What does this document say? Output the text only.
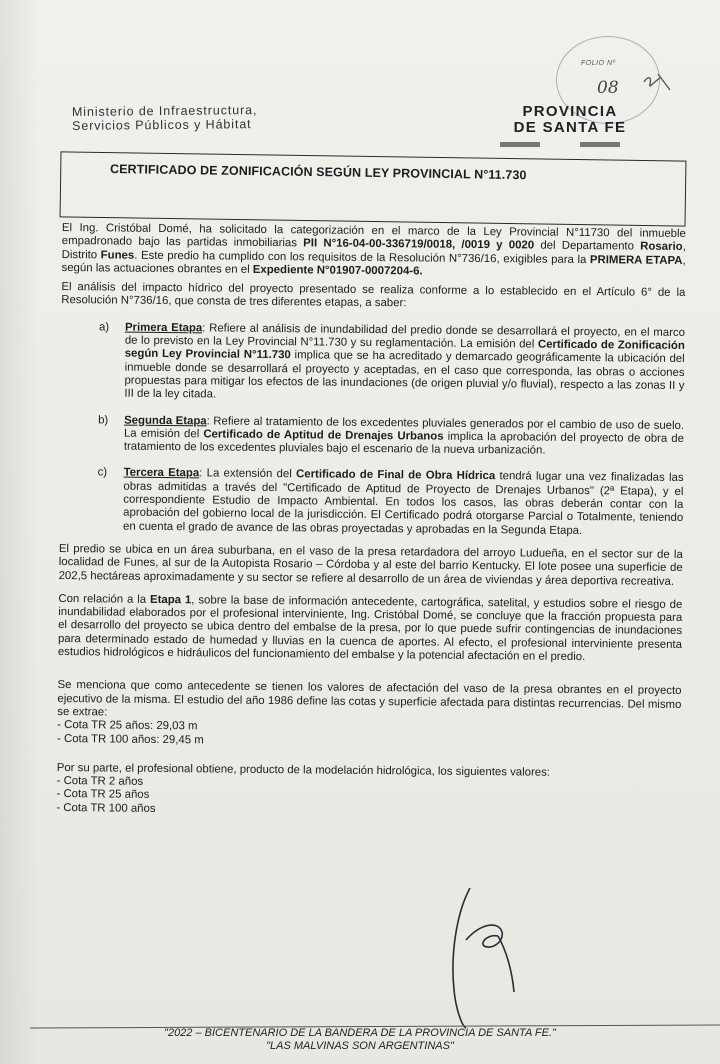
FOLIO Nº
08
Ministerio de Infraestructura,
Servicios Públicos y Hábitat
PROVINCIA
DE SANTA FE
CERTIFICADO DE ZONIFICACIÓN SEGÚN LEY PROVINCIAL N°11.730

El Ing. Cristóbal Domé, ha solicitado la categorización en el marco de la Ley Provincial N°11730 del inmueble empadronado bajo las partidas inmobiliarias PII N°16-04-00-336719/0018, /0019 y 0020 del Departamento Rosario, Distrito Funes. Este predio ha cumplido con los requisitos de la Resolución N°736/16, exigibles para la PRIMERA ETAPA, según las actuaciones obrantes en el Expediente N°01907-0007204-6.

El análisis del impacto hídrico del proyecto presentado se realiza conforme a lo establecido en el Artículo 6° de la Resolución N°736/16, que consta de tres diferentes etapas, a saber:

a)	Primera Etapa: Refiere al análisis de inundabilidad del predio donde se desarrollará el proyecto, en el marco de lo previsto en la Ley Provincial N°11.730 y su reglamentación. La emisión del Certificado de Zonificación según Ley Provincial N°11.730 implica que se ha acreditado y demarcado geográficamente la ubicación del inmueble donde se desarrollará el proyecto y aceptadas, en el caso que corresponda, las obras o acciones propuestas para mitigar los efectos de las inundaciones (de origen pluvial y/o fluvial), respecto a las zonas II y III de la ley citada.
b)	Segunda Etapa: Refiere al tratamiento de los excedentes pluviales generados por el cambio de uso de suelo. La emisión del Certificado de Aptitud de Drenajes Urbanos implica la aprobación del proyecto de obra de tratamiento de los excedentes pluviales bajo el escenario de la nueva urbanización.
c)	Tercera Etapa: La extensión del Certificado de Final de Obra Hídrica tendrá lugar una vez finalizadas las obras admitidas a través del "Certificado de Aptitud de Proyecto de Drenajes Urbanos" (2ª Etapa), y el correspondiente Estudio de Impacto Ambiental. En todos los casos, las obras deberán contar con la aprobación del gobierno local de la jurisdicción. El Certificado podrá otorgarse Parcial o Totalmente, teniendo en cuenta el grado de avance de las obras proyectadas y aprobadas en la Segunda Etapa.

El predio se ubica en un área suburbana, en el vaso de la presa retardadora del arroyo Ludueña, en el sector sur de la localidad de Funes, al sur de la Autopista Rosario – Córdoba y al este del barrio Kentucky. El lote posee una superficie de 202,5 hectáreas aproximadamente y su sector se refiere al desarrollo de un área de viviendas y área deportiva recreativa.

Con relación a la Etapa 1, sobre la base de información antecedente, cartográfica, satelital, y estudios sobre el riesgo de inundabilidad elaborados por el profesional interviniente, Ing. Cristóbal Domé, se concluye que la fracción propuesta para el desarrollo del proyecto se ubica dentro del embalse de la presa, por lo que puede sufrir contingencias de inundaciones para determinado estado de humedad y lluvias en la cuenca de aportes. Al efecto, el profesional interviniente presenta estudios hidrológicos e hidráulicos del funcionamiento del embalse y la potencial afectación en el predio.

Se menciona que como antecedente se tienen los valores de afectación del vaso de la presa obrantes en el proyecto ejecutivo de la misma. El estudio del año 1986 define las cotas y superficie afectada para distintas recurrencias. Del mismo se extrae:

- Cota TR 25 años: 29,03 m

- Cota TR 100 años: 29,45 m

Por su parte, el profesional obtiene, producto de la modelación hidrológica, los siguientes valores:

- Cota TR 2 años

- Cota TR 25 años

- Cota TR 100 años

"2022 – BICENTENARIO DE LA BANDERA DE LA PROVINCIA DE SANTA FE."
"LAS MALVINAS SON ARGENTINAS"
